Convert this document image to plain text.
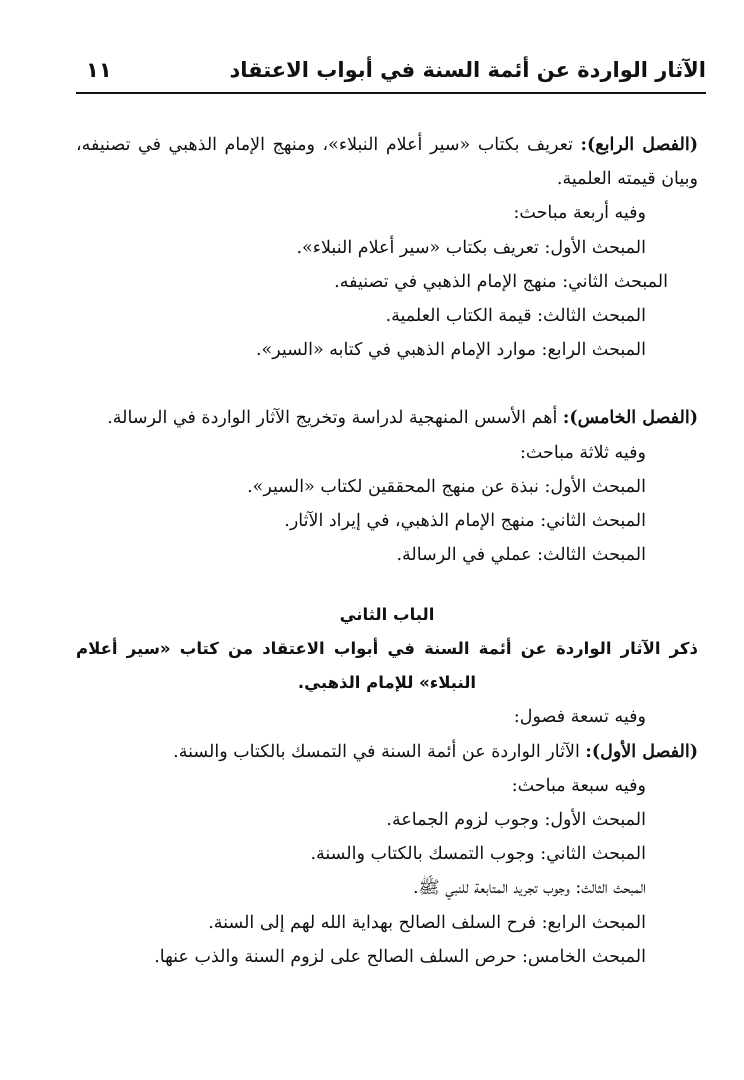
الآثار الواردة عن أئمة السنة في أبواب الاعتقاد
١١
(الفصل الرابع): تعريف بكتاب «سير أعلام النبلاء»، ومنهج الإمام الذهبي في تصنيفه، وبيان قيمته العلمية.
وفيه أربعة مباحث:
المبحث الأول: تعريف بكتاب «سير أعلام النبلاء».
المبحث الثاني: منهج الإمام الذهبي في تصنيفه.
المبحث الثالث: قيمة الكتاب العلمية.
المبحث الرابع: موارد الإمام الذهبي في كتابه «السير».
(الفصل الخامس): أهم الأسس المنهجية لدراسة وتخريج الآثار الواردة في الرسالة.
وفيه ثلاثة مباحث:
المبحث الأول: نبذة عن منهج المحققين لكتاب «السير».
المبحث الثاني: منهج الإمام الذهبي، في إيراد الآثار.
المبحث الثالث: عملي في الرسالة.
الباب الثاني
ذكر الآثار الواردة عن أئمة السنة في أبواب الاعتقاد من كتاب «سير أعلام النبلاء» للإمام الذهبي.
وفيه تسعة فصول:
(الفصل الأول): الآثار الواردة عن أئمة السنة في التمسك بالكتاب والسنة.
وفيه سبعة مباحث:
المبحث الأول: وجوب لزوم الجماعة.
المبحث الثاني: وجوب التمسك بالكتاب والسنة.
المبحث الثالث: وجوب تجريد المتابعة للنبي ﷺ.
المبحث الرابع: فرح السلف الصالح بهداية الله لهم إلى السنة.
المبحث الخامس: حرص السلف الصالح على لزوم السنة والذب عنها.
